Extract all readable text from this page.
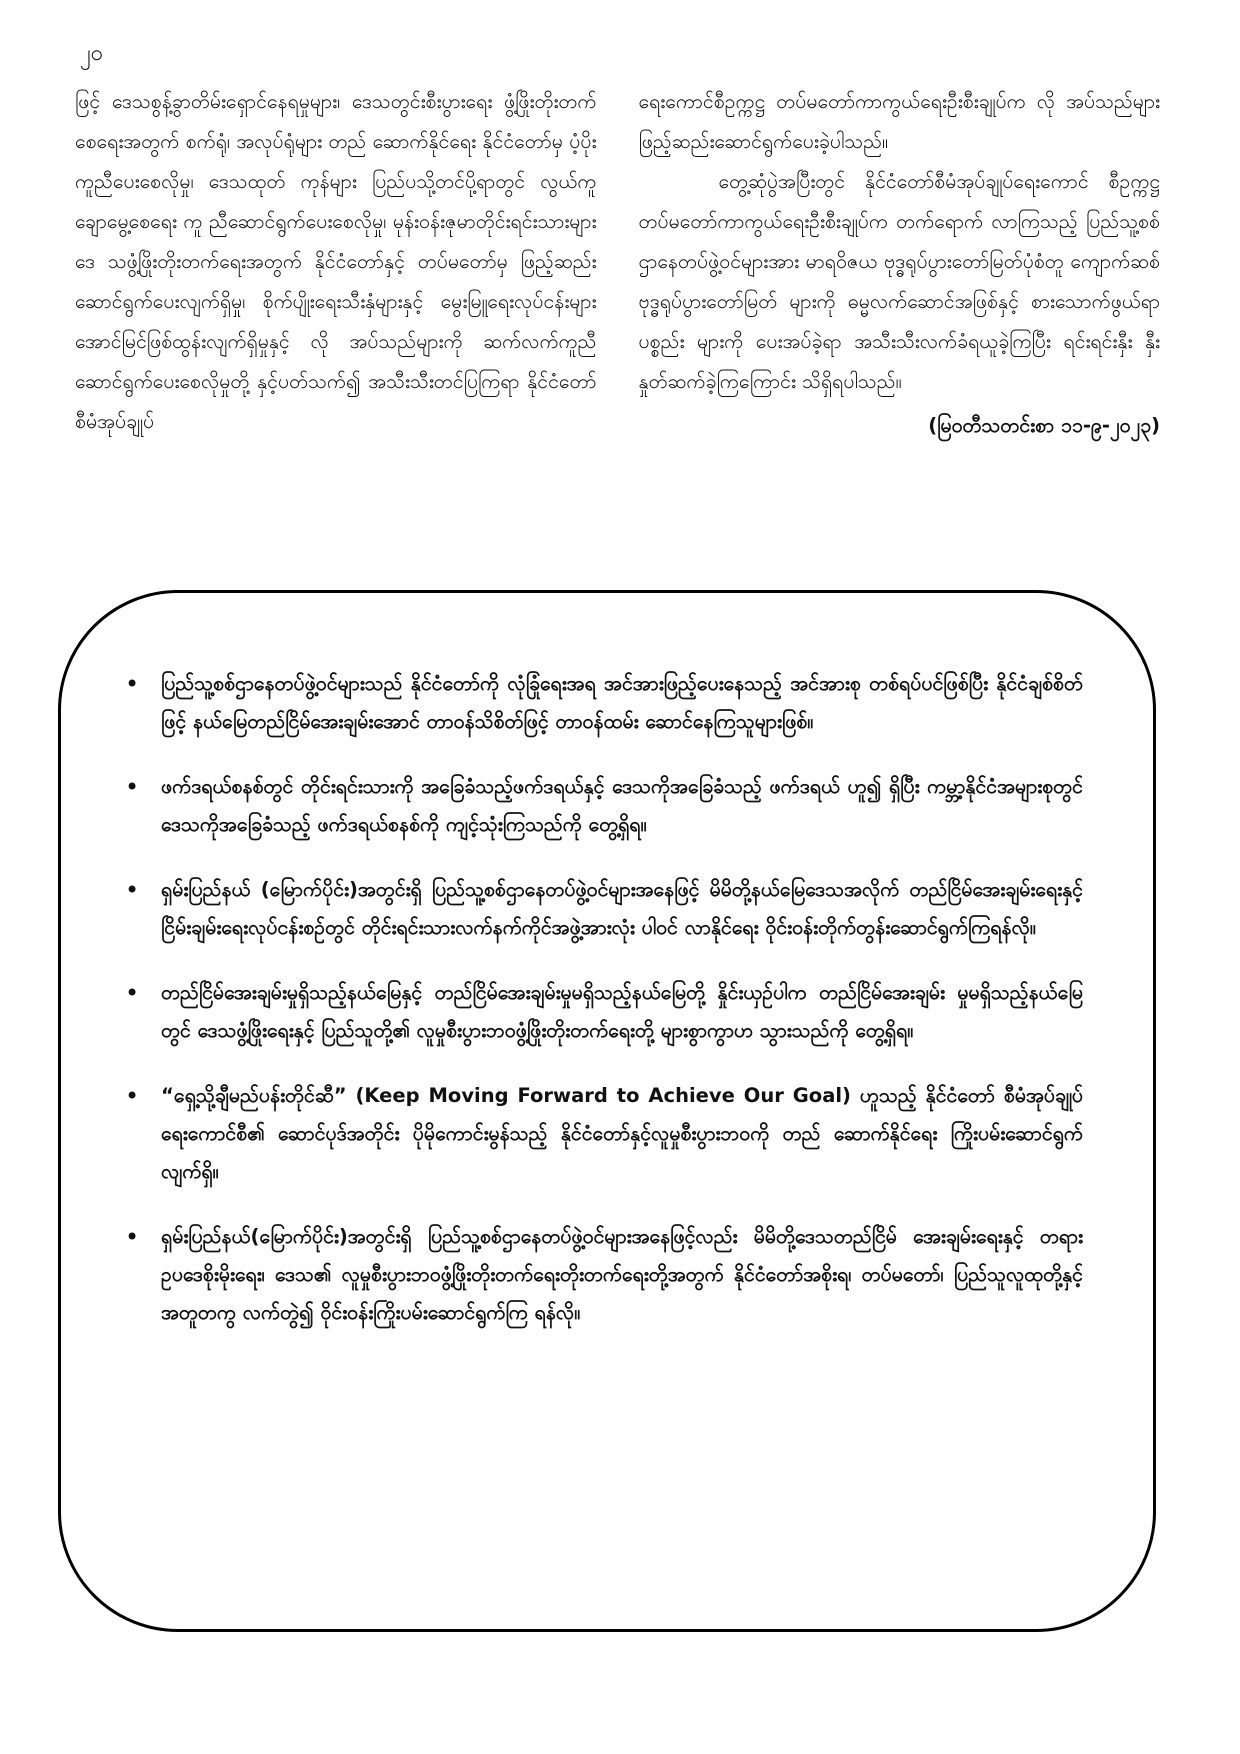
၂၀

ဖြင့် ဒေသစွန့်ခွာတိမ်းရှောင်နေရမှုများ၊ ဒေသတွင်းစီးပွားရေး ဖွံ့ဖြိုးတိုးတက်စေရေးအတွက် စက်ရုံ၊ အလုပ်ရုံများ တည် ဆောက်နိုင်ရေး နိုင်ငံတော်မှ ပံ့ပိုးကူညီပေးစေလိုမှု၊ ဒေသထုတ် ကုန်များ ပြည်ပသို့တင်ပို့ရာတွင် လွယ်ကူချောမွေ့စေရေး ကူ ညီဆောင်ရွက်ပေးစေလိုမှု၊ မုန်းဝန်းဇုမာတိုင်းရင်းသားများဒေ သဖွံ့ဖြိုးတိုးတက်ရေးအတွက် နိုင်ငံတော်နှင့် တပ်မတော်မှ ဖြည့်ဆည်းဆောင်ရွက်ပေးလျက်ရှိမှု၊ စိုက်ပျိုးရေးသီးနှံများနှင့် မွေးမြူရေးလုပ်ငန်းများ အောင်မြင်ဖြစ်ထွန်းလျက်ရှိမှုနှင့် လို အပ်သည်များကို ဆက်လက်ကူညီဆောင်ရွက်ပေးစေလိုမှုတို့ နှင့်ပတ်သက်၍ အသီးသီးတင်ပြကြရာ နိုင်ငံတော်စီမံအုပ်ချုပ်

ရေးကောင်စီဥက္ကဋ္ဌ တပ်မတော်ကာကွယ်ရေးဦးစီးချုပ်က လို အပ်သည်များ ဖြည့်ဆည်းဆောင်ရွက်ပေးခဲ့ပါသည်။

တွေ့ဆုံပွဲအပြီးတွင် နိုင်ငံတော်စီမံအုပ်ချုပ်ရေးကောင် စီဥက္ကဋ္ဌ တပ်မတော်ကာကွယ်ရေးဦးစီးချုပ်က တက်ရောက် လာကြသည့် ပြည်သူ့စစ်ဌာနေတပ်ဖွဲ့ဝင်များအား မာရဝိဇယ ဗုဒ္ဓရုပ်ပွားတော်မြတ်ပုံစံတူ ကျောက်ဆစ်ဗုဒ္ဓရုပ်ပွားတော်မြတ် များကို ဓမ္မလက်ဆောင်အဖြစ်နှင့် စားသောက်ဖွယ်ရာပစ္စည်း များကို ပေးအပ်ခဲ့ရာ အသီးသီးလက်ခံရယူခဲ့ကြပြီး ရင်းရင်းနှီး နှီး နှုတ်ဆက်ခဲ့ကြကြောင်း သိရှိရပါသည်။

(မြဝတီသတင်းစာ ၁၁-၉-၂၀၂၃)
• ပြည်သူ့စစ်ဌာနေတပ်ဖွဲ့ဝင်များသည် နိုင်ငံတော်ကို လုံခြုံရေးအရ အင်အားဖြည့်ပေးနေသည့် အင်အားစု တစ်ရပ်ပင်ဖြစ်ပြီး နိုင်ငံချစ်စိတ်ဖြင့် နယ်မြေတည်ငြိမ်အေးချမ်းအောင် တာဝန်သိစိတ်ဖြင့် တာဝန်ထမ်း ဆောင်နေကြသူများဖြစ်။
• ဖက်ဒရယ်စနစ်တွင် တိုင်းရင်းသားကို အခြေခံသည့်ဖက်ဒရယ်နှင့် ဒေသကိုအခြေခံသည့် ဖက်ဒရယ် ဟူ၍ ရှိပြီး ကမ္ဘာ့နိုင်ငံအများစုတွင် ဒေသကိုအခြေခံသည့် ဖက်ဒရယ်စနစ်ကို ကျင့်သုံးကြသည်ကို တွေ့ရှိရ။
• ရှမ်းပြည်နယ် (မြောက်ပိုင်း)အတွင်းရှိ ပြည်သူ့စစ်ဌာနေတပ်ဖွဲ့ဝင်များအနေဖြင့် မိမိတို့နယ်မြေဒေသအလိုက် တည်ငြိမ်အေးချမ်းရေးနှင့် ငြိမ်းချမ်းရေးလုပ်ငန်းစဉ်တွင် တိုင်းရင်းသားလက်နက်ကိုင်အဖွဲ့အားလုံး ပါဝင် လာနိုင်ရေး ဝိုင်းဝန်းတိုက်တွန်းဆောင်ရွက်ကြရန်လို။
• တည်ငြိမ်အေးချမ်းမှုရှိသည့်နယ်မြေနှင့် တည်ငြိမ်အေးချမ်းမှုမရှိသည့်နယ်မြေတို့ နှိုင်းယှဉ်ပါက တည်ငြိမ်အေးချမ်း မှုမရှိသည့်နယ်မြေတွင် ဒေသဖွံ့ဖြိုးရေးနှင့် ပြည်သူတို့၏ လူမှုစီးပွားဘဝဖွံ့ဖြိုးတိုးတက်ရေးတို့ များစွာကွာဟ သွားသည်ကို တွေ့ရှိရ။
• “ရှေ့သို့ချီမည်ပန်းတိုင်ဆီ” (Keep Moving Forward to Achieve Our Goal) ဟူသည့် နိုင်ငံတော် စီမံအုပ်ချုပ်ရေးကောင်စီ၏ ဆောင်ပုဒ်အတိုင်း ပိုမိုကောင်းမွန်သည့် နိုင်ငံတော်နှင့်လူမှုစီးပွားဘဝကို တည် ဆောက်နိုင်ရေး ကြိုးပမ်းဆောင်ရွက်လျက်ရှိ။
• ရှမ်းပြည်နယ်(မြောက်ပိုင်း)အတွင်းရှိ ပြည်သူ့စစ်ဌာနေတပ်ဖွဲ့ဝင်များအနေဖြင့်လည်း မိမိတို့ဒေသတည်ငြိမ် အေးချမ်းရေးနှင့် တရားဥပဒေစိုးမိုးရေး၊ ဒေသ၏ လူမှုစီးပွားဘဝဖွံ့ဖြိုးတိုးတက်ရေးတိုးတက်ရေးတို့အတွက် နိုင်ငံတော်အစိုးရ၊ တပ်မတော်၊ ပြည်သူလူထုတို့နှင့်အတူတကွ လက်တွဲ၍ ဝိုင်းဝန်းကြိုးပမ်းဆောင်ရွက်ကြ ရန်လို။
